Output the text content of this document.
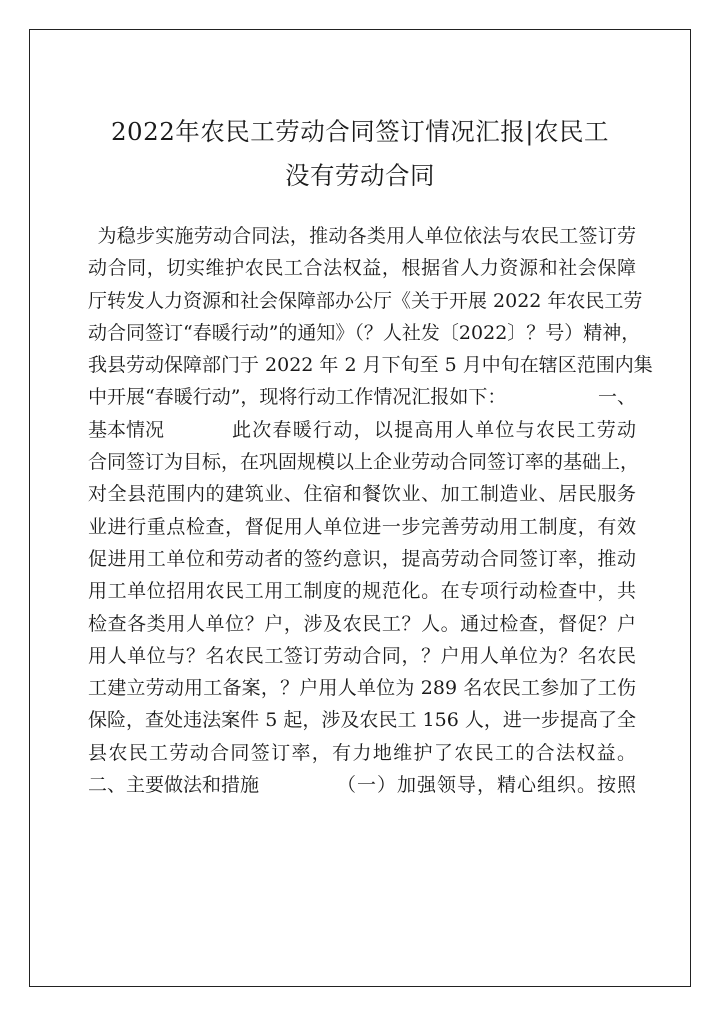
2022年农民工劳动合同签订情况汇报|农民工
没有劳动合同
为稳步实施劳动合同法，推动各类用人单位依法与农民工签订劳
动合同，切实维护农民工合法权益，根据省人力资源和社会保障
厅转发人力资源和社会保障部办公厅《关于开展 2022 年农民工劳
动合同签订“春暖行动”的通知》（？人社发〔2022〕？号）精神，
我县劳动保障部门于 2022 年 2 月下旬至 5 月中旬在辖区范围内集
中开展“春暖行动”，现将行动工作情况汇报如下：	一、
基本情况	此次春暖行动，以提高用人单位与农民工劳动
合同签订为目标，在巩固规模以上企业劳动合同签订率的基础上，
对全县范围内的建筑业、住宿和餐饮业、加工制造业、居民服务
业进行重点检查，督促用人单位进一步完善劳动用工制度，有效
促进用工单位和劳动者的签约意识，提高劳动合同签订率，推动
用工单位招用农民工用工制度的规范化。在专项行动检查中，共
检查各类用人单位？户，涉及农民工？人。通过检查，督促？户
用人单位与？名农民工签订劳动合同，？户用人单位为？名农民
工建立劳动用工备案，？户用人单位为 289 名农民工参加了工伤
保险，查处违法案件 5 起，涉及农民工 156 人，进一步提高了全
县农民工劳动合同签订率，有力地维护了农民工的合法权益。
二、主要做法和措施	（一）加强领导，精心组织。按照
